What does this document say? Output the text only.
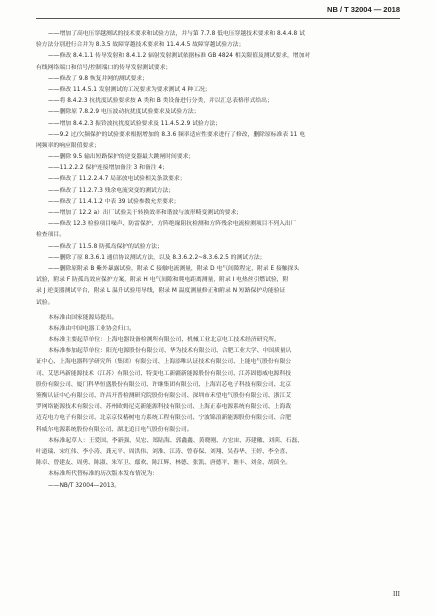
NB / T 32004 — 2018
——增加了高电压穿越测试的技术要求和试验方法，并与第 7.7.8 低电压穿越技术要求和 8.4.4.8 试
验方法分别进行合并为 8.3.5 故障穿越技术要求和 11.4.4.5 故障穿越试验方法；
——修改 8.4.1.1 传导发射和 8.4.1.2 辐射发射测试依据标准 GB 4824 相关限值及测试要求，增加对
有线网络端口和信号/控制端口的传导发射测试要求；
——修改了 9.8 恢复并网的测试要求；
——修改 11.4.5.1 发射测试的工况要求为要求测试 4 种工况；
——将 8.4.2.3 抗扰度试验要求按 A 类和 B 类设备进行分类，并以汇总表格形式给出；
——删除原 7.8.2.9 电压波动抗扰度试验要求及试验方法；
——增加 8.4.2.3 振铃波抗扰度试验要求及 11.4.5.2.9 试验方法；
——9.2 过/欠频保护的试验要求根据增加的 8.3.6 频率适应性要求进行了修改，删除原标准表 11 电
网频率的响应限值要求；
——删除 9.5 输出短路保护的逆变器最大跳闸时间要求；
——11.2.2.2 保护连接增加备注 3 和备注 4；
——修改了 11.2.2.4.7 局部放电试验相关条款要求；
——修改了 11.2.7.3 残余电流突变的测试方法；
——修改了 11.4.1.2 中表 39 试验参数允差要求；
——增加了 12.2 a）出厂试验关于转换效率和谐波与波形畸变测试的要求；
——修改 12.3 检验项目噪声、防雷保护、方阵绝缘阻抗检测和方阵残余电流检测项目不列入出厂
检查项目。
——修改了 11.5.8 防孤岛保护的试验方法；
——删除了原 8.3.6.1 通信协议测试方法，以及 8.3.6.2.2~8.3.6.2.5 的测试方法；
——删除原附录 B 紫外暴露试验，附录 C 接触电流测量，附录 D 电气间隙程定，附录 E 接触探头
试验，附录 F 防孤岛效应保护方案，附录 H 电气间隙和爬电距离测量，附录 I 电热丝引燃试验，附
录 J 逆变器测试平台，附录 L 温升试验用导线，附录 M 温度测量修正和附录 N 短路保护功能验证
试验。
本标准由国家能源局提出。
本标准由中国电器工业协会归口。
本标准主要起草单位：上海电器设备检测所有限公司、机械工业北京电工技术经济研究所。
本标准参加起草单位：阳光电源股份有限公司、华为技术有限公司、合肥工业大学、中国质量认
证中心、上海电器科学研究所（集团）有限公司、上海添唯认证技术有限公司、上能电气股份有限公
司、艾思玛新能源技术（江苏）有限公司、特变电工新疆新能源股份有限公司、江苏固德威电源科技
股份有限公司、厦门科华恒盛股份有限公司、许继集团有限公司、上海岩芯电子科技有限公司、北京
鉴衡认证中心有限公司、许昌开普检测研究院股份有限公司、深圳市禾望电气股份有限公司、浙江艾
罗网络能源技术有限公司、苏州欧姆尼克新能源科技有限公司、上海正泰电源系统有限公司、上海裁
迈克电力电子有限公司、北京京仪椿树电力系统工程有限公司、宁波锦浪新能源股份有限公司、合肥
科威尔电源系统股份有限公司、湖北追日电气股份有限公司。
本标准起草人：王爱国、李新强、吴宏、郑陆海、郭鑫鑫、黄晓刚、方宏宙、苏建徽、刘茴、石磊、
叶道瑞、宋红伟、李小涛、龚元平、周洪伟、刘淮、江涛、曾春保、刘翔、吴春华、王婷、李全喜、
陈卓、曾建友、周勇、陈淑、朱军卫、鄢欢、陈江辉、林德、张凯、唐德平、谯丰、刘金、胡茵全。
本标准所代替标准的历次版本发布情况为：
——NB/T 32004—2013。
III
